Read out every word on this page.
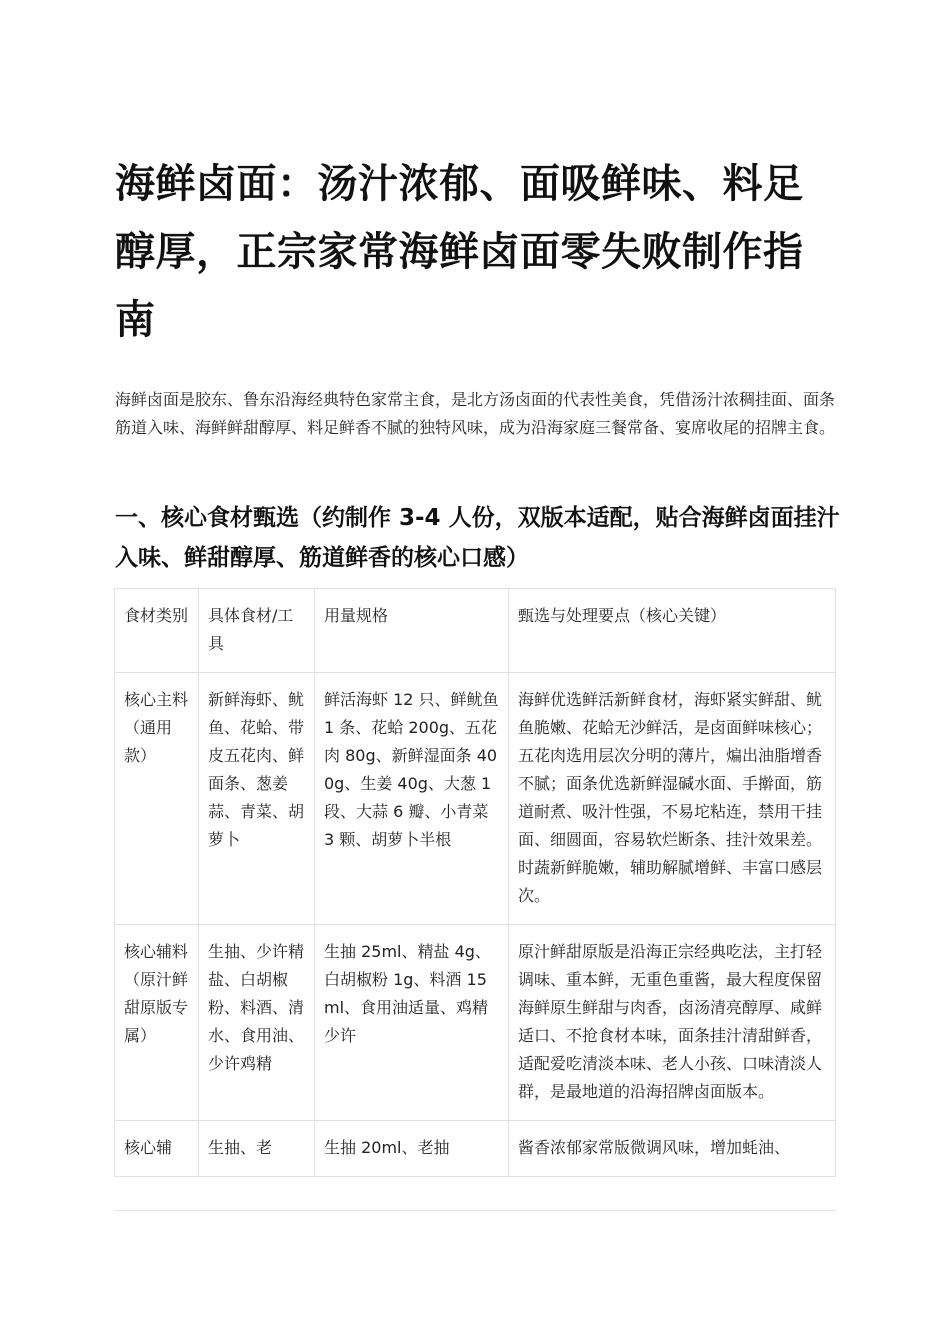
海鲜卤面：汤汁浓郁、面吸鲜味、料足醇厚，正宗家常海鲜卤面零失败制作指南

海鲜卤面是胶东、鲁东沿海经典特色家常主食，是北方汤卤面的代表性美食，凭借汤汁浓稠挂面、面条筋道入味、海鲜鲜甜醇厚、料足鲜香不腻的独特风味，成为沿海家庭三餐常备、宴席收尾的招牌主食。

一、核心食材甄选（约制作 3-4 人份，双版本适配，贴合海鲜卤面挂汁入味、鲜甜醇厚、筋道鲜香的核心口感）
食材类别	具体食材/工具	用量规格	甄选与处理要点（核心关键）
核心主料（通用款）	新鲜海虾、鱿鱼、花蛤、带皮五花肉、鲜面条、葱姜蒜、青菜、胡萝卜	鲜活海虾 12 只、鲜鱿鱼 1 条、花蛤 200g、五花肉 80g、新鲜湿面条 400g、生姜 40g、大葱 1 段、大蒜 6 瓣、小青菜 3 颗、胡萝卜半根	海鲜优选鲜活新鲜食材，海虾紧实鲜甜、鱿鱼脆嫩、花蛤无沙鲜活，是卤面鲜味核心；五花肉选用层次分明的薄片，煸出油脂增香不腻；面条优选新鲜湿碱水面、手擀面，筋道耐煮、吸汁性强，不易坨粘连，禁用干挂面、细圆面，容易软烂断条、挂汁效果差。时蔬新鲜脆嫩，辅助解腻增鲜、丰富口感层次。
核心辅料（原汁鲜甜原版专属）	生抽、少许精盐、白胡椒粉、料酒、清水、食用油、少许鸡精	生抽 25ml、精盐 4g、白胡椒粉 1g、料酒 15ml、食用油适量、鸡精少许	原汁鲜甜原版是沿海正宗经典吃法，主打轻调味、重本鲜，无重色重酱，最大程度保留海鲜原生鲜甜与肉香，卤汤清亮醇厚、咸鲜适口、不抢食材本味，面条挂汁清甜鲜香，适配爱吃清淡本味、老人小孩、口味清淡人群，是最地道的沿海招牌卤面版本。
核心辅	生抽、老	生抽 20ml、老抽	酱香浓郁家常版微调风味，增加蚝油、
